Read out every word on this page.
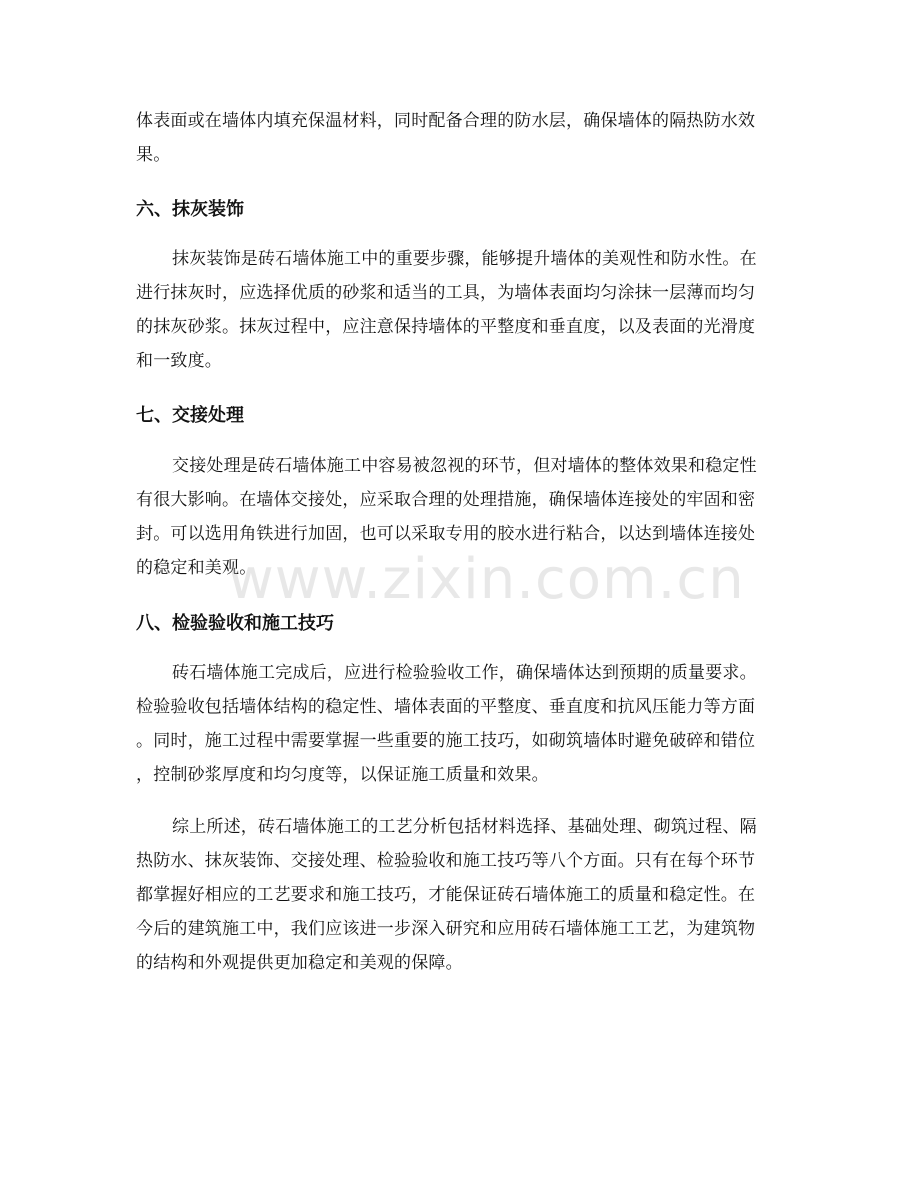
体表面或在墙体内填充保温材料，同时配备合理的防水层，确保墙体的隔热防水效
果。
六、抹灰装饰
抹灰装饰是砖石墙体施工中的重要步骤，能够提升墙体的美观性和防水性。在
进行抹灰时，应选择优质的砂浆和适当的工具，为墙体表面均匀涂抹一层薄而均匀
的抹灰砂浆。抹灰过程中，应注意保持墙体的平整度和垂直度，以及表面的光滑度
和一致度。
七、交接处理
交接处理是砖石墙体施工中容易被忽视的环节，但对墙体的整体效果和稳定性
有很大影响。在墙体交接处，应采取合理的处理措施，确保墙体连接处的牢固和密
封。可以选用角铁进行加固，也可以采取专用的胶水进行粘合，以达到墙体连接处
的稳定和美观。
八、检验验收和施工技巧
砖石墙体施工完成后，应进行检验验收工作，确保墙体达到预期的质量要求。
检验验收包括墙体结构的稳定性、墙体表面的平整度、垂直度和抗风压能力等方面
。同时，施工过程中需要掌握一些重要的施工技巧，如砌筑墙体时避免破碎和错位
，控制砂浆厚度和均匀度等，以保证施工质量和效果。
综上所述，砖石墙体施工的工艺分析包括材料选择、基础处理、砌筑过程、隔
热防水、抹灰装饰、交接处理、检验验收和施工技巧等八个方面。只有在每个环节
都掌握好相应的工艺要求和施工技巧，才能保证砖石墙体施工的质量和稳定性。在
今后的建筑施工中，我们应该进一步深入研究和应用砖石墙体施工工艺，为建筑物
的结构和外观提供更加稳定和美观的保障。
www.zixin.com.cn
